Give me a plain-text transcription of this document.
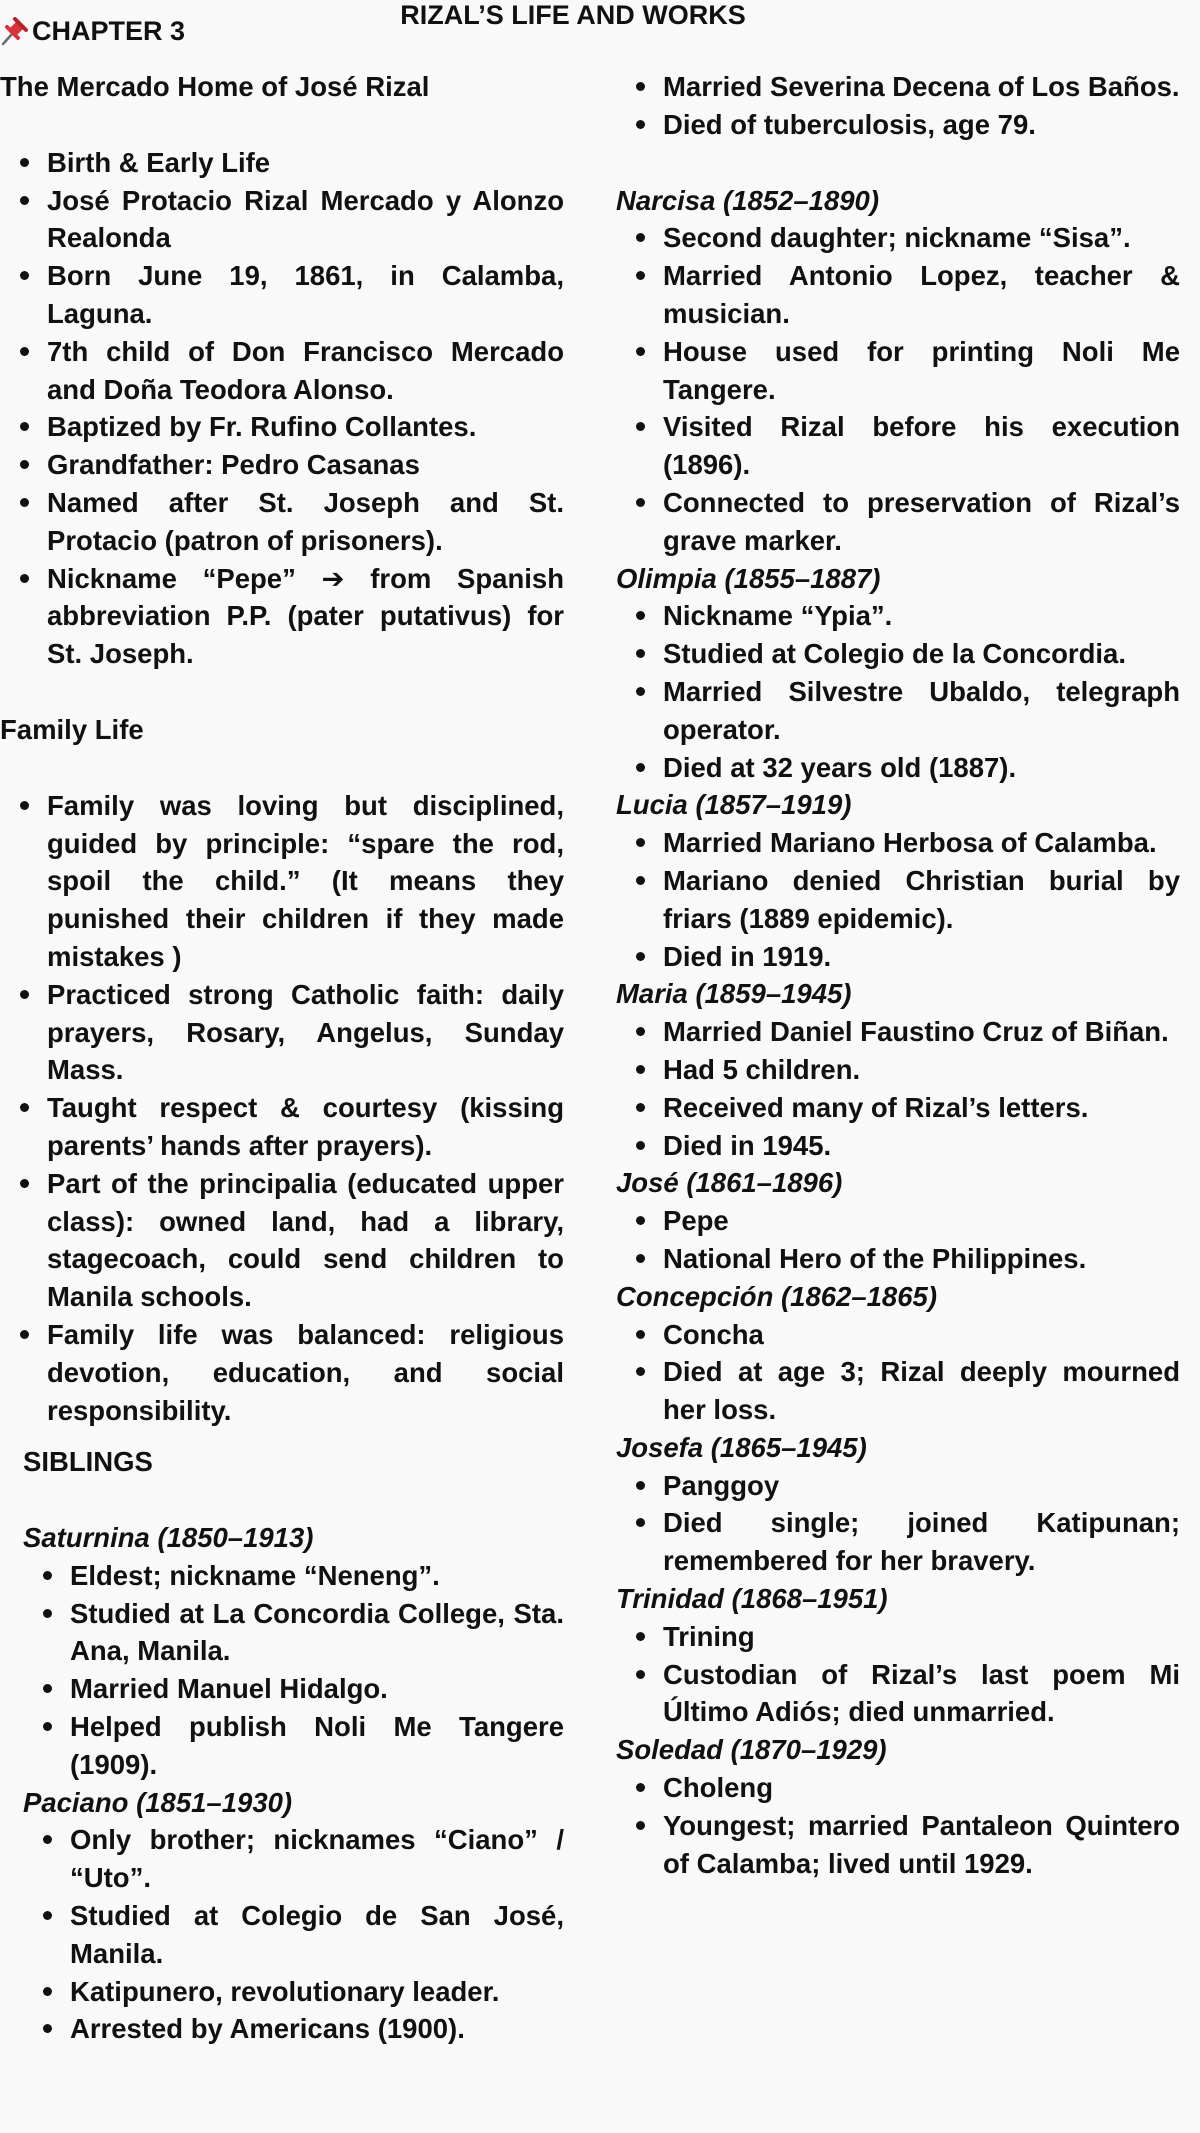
CHAPTER 3
RIZAL’S LIFE AND WORKS
The Mercado Home of José Rizal
Birth & Early Life
José Protacio Rizal Mercado y Alonzo Realonda
Born June 19, 1861, in Calamba, Laguna.
7th child of Don Francisco Mercado and Doña Teodora Alonso.
Baptized by Fr. Rufino Collantes.
Grandfather: Pedro Casanas
Named after St. Joseph and St. Protacio (patron of prisoners).
Nickname “Pepe” ➔ from Spanish abbreviation P.P. (pater putativus) for St. Joseph.
Family Life
Family was loving but disciplined, guided by principle: “spare the rod, spoil the child.” (It means they punished their children if they made mistakes )
Practiced strong Catholic faith: daily prayers, Rosary, Angelus, Sunday Mass.
Taught respect & courtesy (kissing parents’ hands after prayers).
Part of the principalia (educated upper class): owned land, had a library, stagecoach, could send children to Manila schools.
Family life was balanced: religious devotion, education, and social responsibility.
SIBLINGS
Saturnina (1850–1913)
Eldest; nickname “Neneng”.
Studied at La Concordia College, Sta. Ana, Manila.
Married Manuel Hidalgo.
Helped publish Noli Me Tangere (1909).
Paciano (1851–1930)
Only brother; nicknames “Ciano” / “Uto”.
Studied at Colegio de San José, Manila.
Katipunero, revolutionary leader.
Arrested by Americans (1900).
Married Severina Decena of Los Baños.
Died of tuberculosis, age 79.
Narcisa (1852–1890)
Second daughter; nickname “Sisa”.
Married Antonio Lopez, teacher & musician.
House used for printing Noli Me Tangere.
Visited Rizal before his execution (1896).
Connected to preservation of Rizal’s grave marker.
Olimpia (1855–1887)
Nickname “Ypia”.
Studied at Colegio de la Concordia.
Married Silvestre Ubaldo, telegraph operator.
Died at 32 years old (1887).
Lucia (1857–1919)
Married Mariano Herbosa of Calamba.
Mariano denied Christian burial by friars (1889 epidemic).
Died in 1919.
Maria (1859–1945)
Married Daniel Faustino Cruz of Biñan.
Had 5 children.
Received many of Rizal’s letters.
Died in 1945.
José (1861–1896)
Pepe
National Hero of the Philippines.
Concepción (1862–1865)
Concha
Died at age 3; Rizal deeply mourned her loss.
Josefa (1865–1945)
Panggoy
Died single; joined Katipunan; remembered for her bravery.
Trinidad (1868–1951)
Trining
Custodian of Rizal’s last poem Mi Último Adiós; died unmarried.
Soledad (1870–1929)
Choleng
Youngest; married Pantaleon Quintero of Calamba; lived until 1929.
